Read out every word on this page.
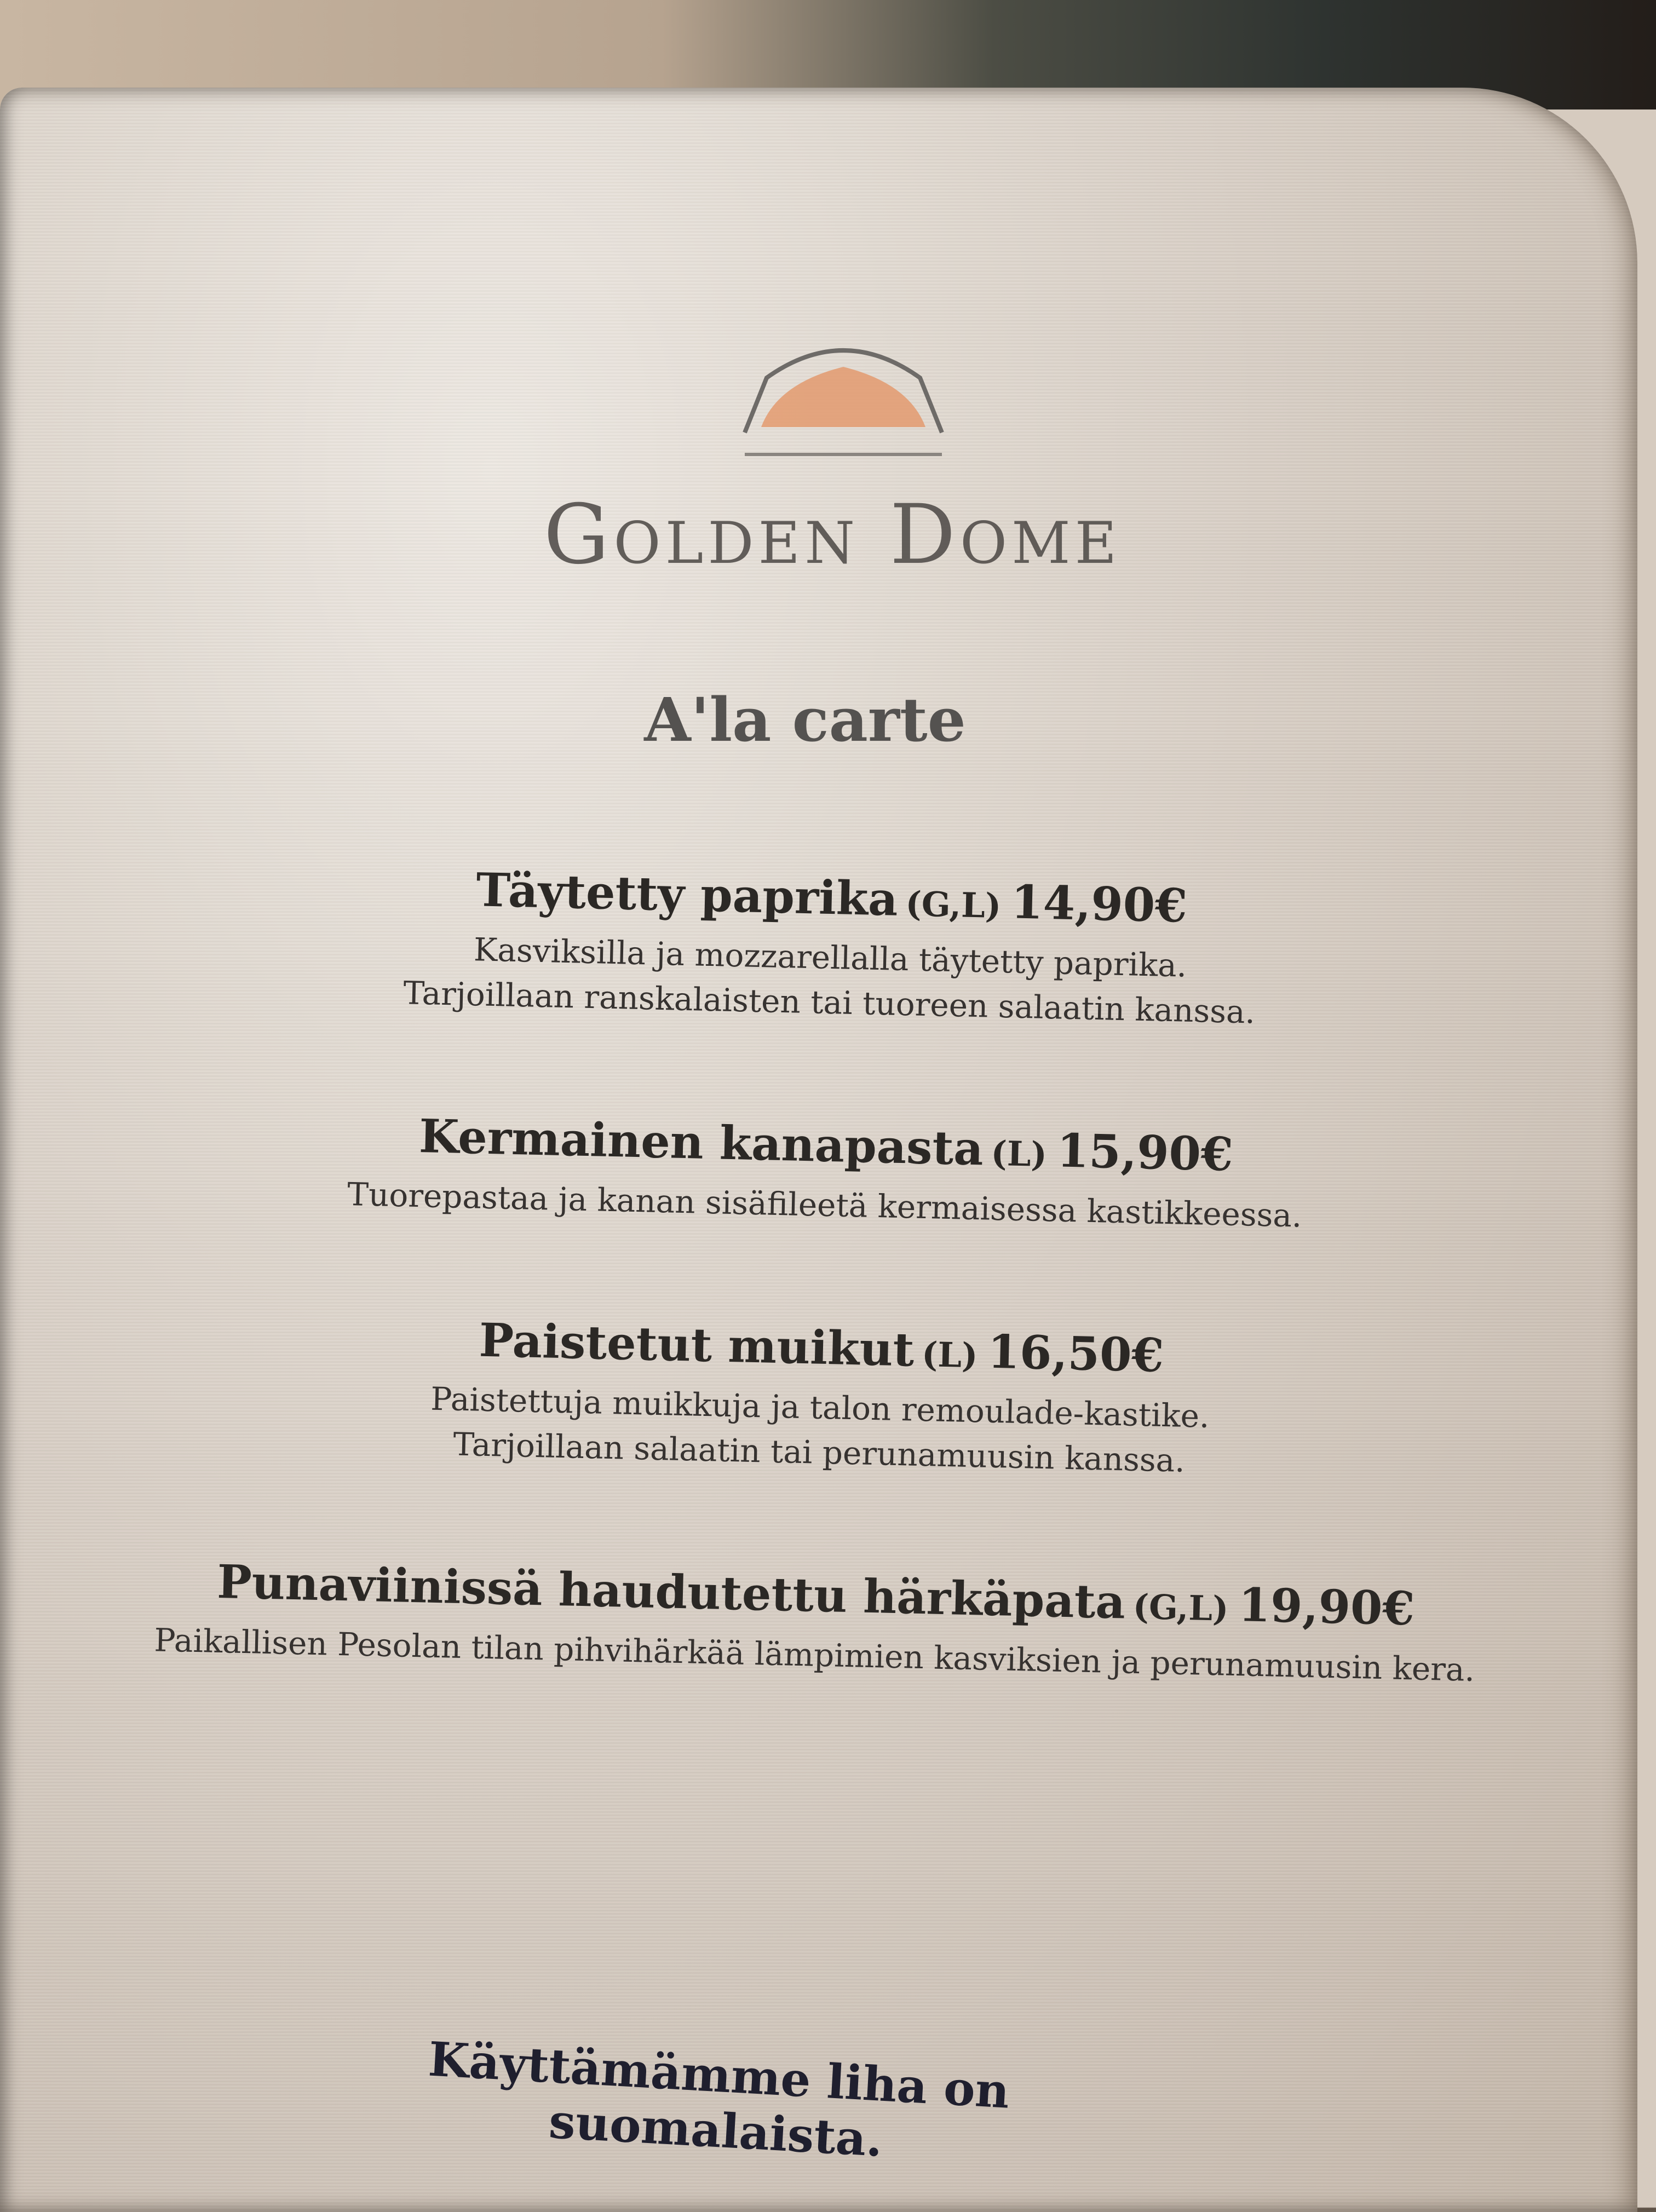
Golden Dome
A'la carte
Täytetty paprika (G,L) 14,90€
Kasviksilla ja mozzarellalla täytetty paprika.
Tarjoillaan ranskalaisten tai tuoreen salaatin kanssa.
Kermainen kanapasta (L) 15,90€
Tuorepastaa ja kanan sisäfileetä kermaisessa kastikkeessa.
Paistetut muikut (L) 16,50€
Paistettuja muikkuja ja talon remoulade-kastike.
Tarjoillaan salaatin tai perunamuusin kanssa.
Punaviinissä haudutettu härkäpata (G,L) 19,90€
Paikallisen Pesolan tilan pihvihärkää lämpimien kasviksien ja perunamuusin kera.
Käyttämämme liha on suomalaista.
